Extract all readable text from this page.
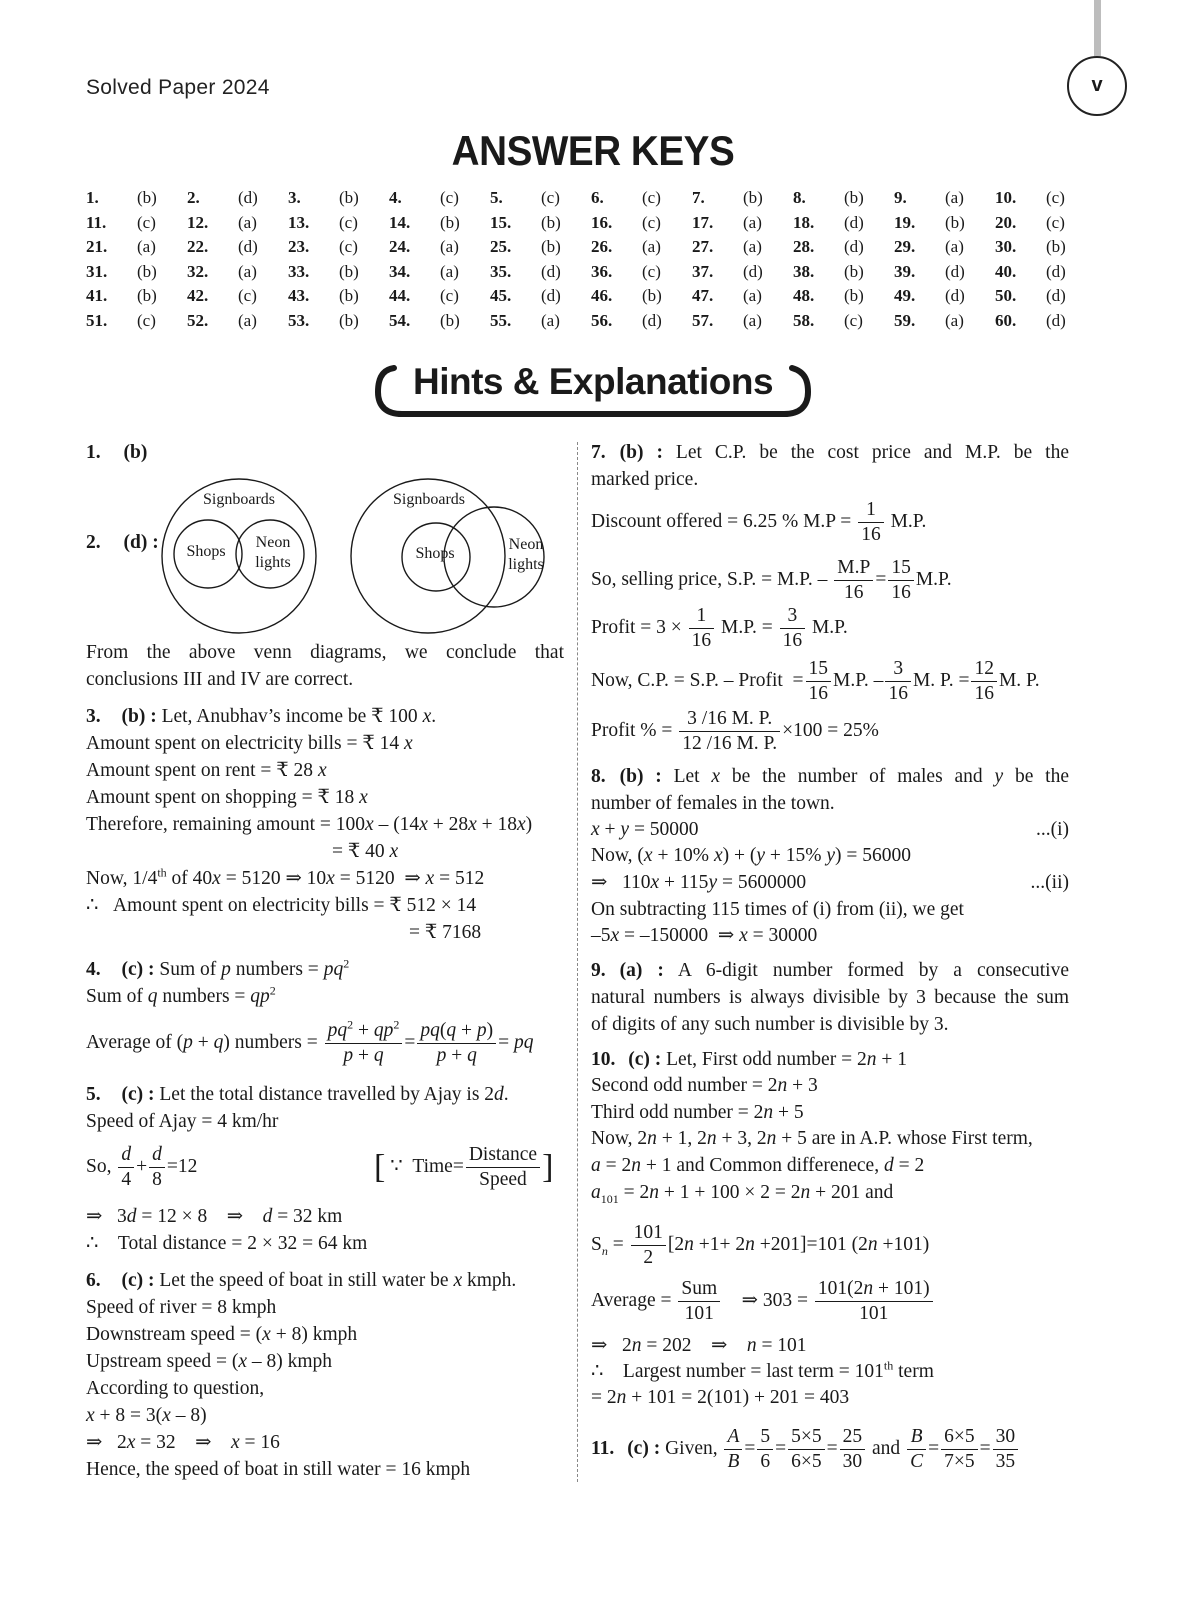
Solved Paper 2024	v
ANSWER KEYS
1.	(b)	2.	(d)	3.	(b)	4.	(c)	5.	(c)	6.	(c)	7.	(b)	8.	(b)	9.	(a)	10.	(c)
11.	(c)	12.	(a)	13.	(c)	14.	(b)	15.	(b)	16.	(c)	17.	(a)	18.	(d)	19.	(b)	20.	(c)
21.	(a)	22.	(d)	23.	(c)	24.	(a)	25.	(b)	26.	(a)	27.	(a)	28.	(d)	29.	(a)	30.	(b)
31.	(b)	32.	(a)	33.	(b)	34.	(a)	35.	(d)	36.	(c)	37.	(d)	38.	(b)	39.	(d)	40.	(d)
41.	(b)	42.	(c)	43.	(b)	44.	(c)	45.	(d)	46.	(b)	47.	(a)	48.	(b)	49.	(d)	50.	(d)
51.	(c)	52.	(a)	53.	(b)	54.	(b)	55.	(a)	56.	(d)	57.	(a)	58.	(c)	59.	(a)	60.	(d)
Hints & Explanations
1. (b)
2. (d) :
Signboards
Shops
Neon
lights
Signboards
Shops
Neon
lights
From the above venn diagrams, we conclude that
conclusions III and IV are correct.
3. (b) : Let, Anubhav’s income be ₹ 100 x.
Amount spent on electricity bills = ₹ 14 x
Amount spent on rent = ₹ 28 x
Amount spent on shopping = ₹ 18 x
Therefore, remaining amount = 100x – (14x + 28x + 18x)
= ₹ 40 x
Now, 1/4th of 40x = 5120 ⇒ 10x = 5120  ⇒ x = 512
∴   Amount spent on electricity bills = ₹ 512 × 14
= ₹ 7168
4. (c) : Sum of p numbers = $pq^2$
Sum of q numbers = $qp^2$
Average of (p + q) numbers = $\frac{pq^2 + qp^2}{p + q} = \frac{pq(q + p)}{p + q}$ = pq
5. (c) : Let the total distance travelled by Ajay is 2d.
Speed of Ajay = 4 km/hr
So, $\frac{d}{4} + \frac{d}{8} =12$	[ ∵  Time= $\frac{\text{Distance}}{\text{Speed}}$ ]
⇒   3d = 12 × 8    ⇒    d = 32 km
∴    Total distance = 2 × 32 = 64 km
6. (c) : Let the speed of boat in still water be x kmph.
Speed of river = 8 kmph
Downstream speed = (x + 8) kmph
Upstream speed = (x – 8) kmph
According to question,
x + 8 = 3(x – 8)
⇒   2x = 32    ⇒    x = 16
Hence, the speed of boat in still water = 16 kmph
7. (b) : Let C.P. be the cost price and M.P. be the
marked price.
Discount offered = 6.25 % $M.P = \frac{1}{16} M.P$.
So, selling price, S.P. = M.P. – $\frac{M.P}{16} = \frac{15}{16} M.P$.
Profit = $3 \times \frac{1}{16} M.P$. = $\frac{3}{16} M.P$.
Now, C.P. = S.P. – Profit  = $\frac{15}{16} M.P$. – $\frac{3}{16} M$. P. = $\frac{12}{16} M$. P.
Profit % = $\frac{3 /16 M. P.}{12 /16 M. P.} \times 100 = 25\%$
8. (b) : Let x be the number of males and y be the
number of females in the town.
x + y = 50000	...(i)
Now, (x + 10% x) + (y + 15% y) = 56000
⇒   110x + 115y = 5600000	...(ii)
On subtracting 115 times of (i) from (ii), we get
–5x = –150000  ⇒ x = 30000
9. (a) : A 6-digit number formed by a consecutive
natural numbers is always divisible by 3 because the sum
of digits of any such number is divisible by 3.
10. (c) : Let, First odd number = 2n + 1
Second odd number = 2n + 3
Third odd number = 2n + 5
Now, 2n + 1, 2n + 3, 2n + 5 are in A.P. whose First term,
a = 2n + 1 and Common differenece, d = 2
$a_{101} = 2n + 1 + 100 \times 2 = 2n + 201$ and
$S_n = \frac{101}{2} [2n +1+ 2n +201]=101$ (2n +101)
Average = $\frac{\text{Sum}}{101}$ ⇒ $303 = \frac{101(2n + 101)}{101}$
⇒   2n = 202    ⇒    n = 101
∴    Largest number = last term = 101th term
= 2n + 101 = 2(101) + 201 = 403
11. (c) : Given, $\frac{A}{B} = \frac{5}{6} = \frac{5\times 5}{6\times 5} = \frac{25}{30}$ and $\frac{B}{C} = \frac{6\times 5}{7\times 5} = \frac{30}{35}$
